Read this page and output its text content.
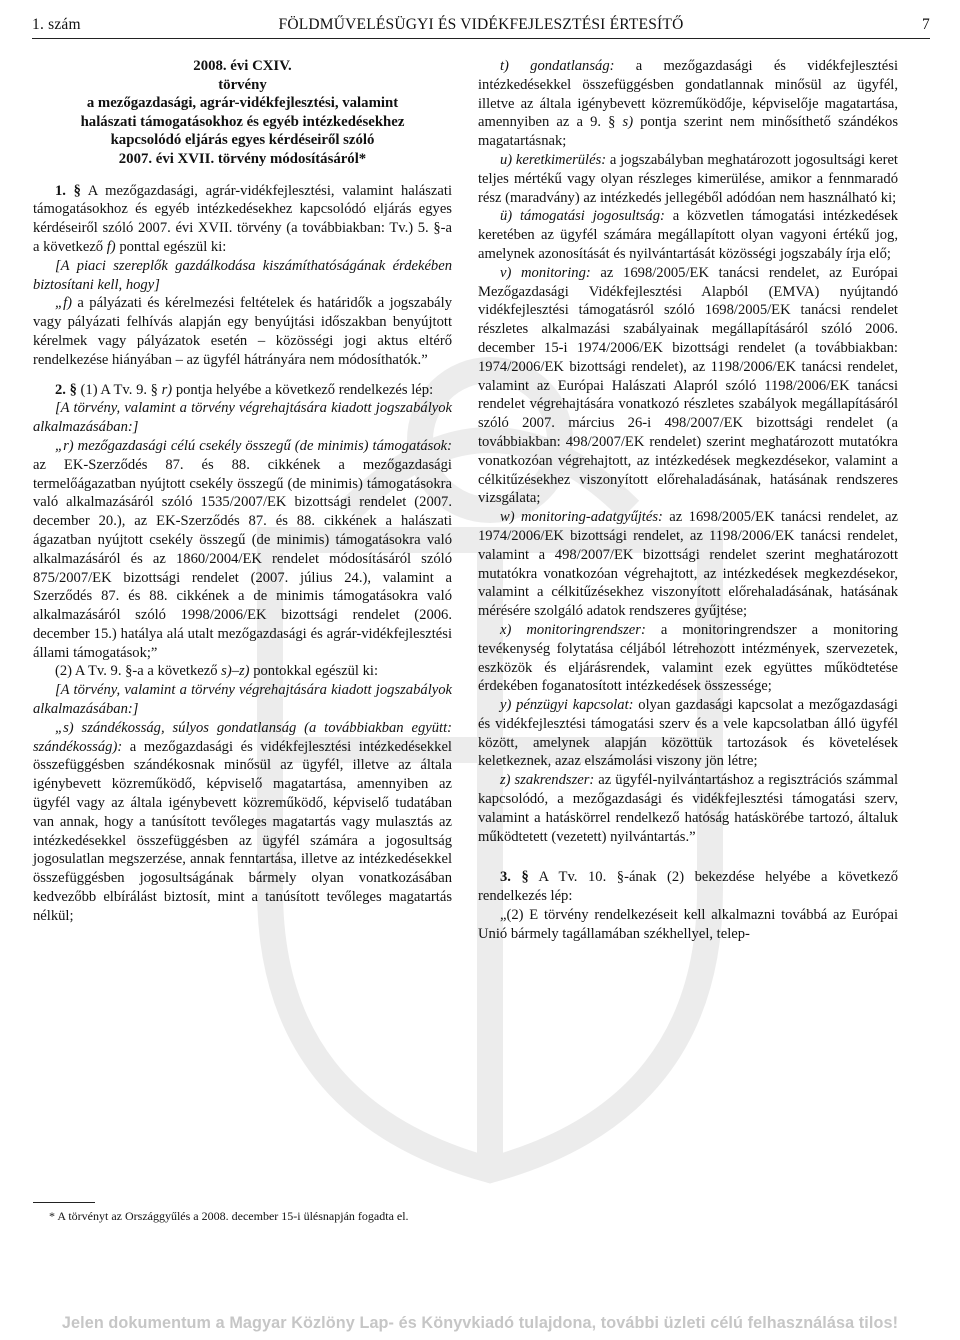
1. szám	FÖLDMŰVELÉSÜGYI ÉS VIDÉKFEJLESZTÉSI ÉRTESÍTŐ	7
2008. évi CXIV.
törvény
a mezőgazdasági, agrár-vidékfejlesztési, valamint
halászati támogatásokhoz és egyéb intézkedésekhez
kapcsolódó eljárás egyes kérdéseiről szóló
2007. évi XVII. törvény módosításáról*

1. § A mezőgazdasági, agrár-vidékfejlesztési, valamint halászati támogatásokhoz és egyéb intézkedésekhez kapcsolódó eljárás egyes kérdéseiről szóló 2007. évi XVII. törvény (a továbbiakban: Tv.) 5. §-a a következő f) ponttal egészül ki:

[A piaci szereplők gazdálkodása kiszámíthatóságának érdekében biztosítani kell, hogy]

„f) a pályázati és kérelmezési feltételek és határidők a jogszabály vagy pályázati felhívás alapján egy benyújtási időszakban benyújtott kérelmek vagy pályázatok esetén – közösségi jogi aktus eltérő rendelkezése hiányában – az ügyfél hátrányára nem módosíthatók.”

2. § (1) A Tv. 9. § r) pontja helyébe a következő rendelkezés lép:

[A törvény, valamint a törvény végrehajtására kiadott jogszabályok alkalmazásában:]

„r) mezőgazdasági célú csekély összegű (de minimis) támogatások: az EK-Szerződés 87. és 88. cikkének a mezőgazdasági termelőágazatban nyújtott csekély összegű (de minimis) támogatásokra való alkalmazásáról szóló 1535/2007/EK bizottsági rendelet (2007. december 20.), az EK-Szerződés 87. és 88. cikkének a halászati ágazatban nyújtott csekély összegű (de minimis) támogatásokra való alkalmazásáról és az 1860/2004/EK rendelet módosításáról szóló 875/2007/EK bizottsági rendelet (2007. július 24.), valamint a Szerződés 87. és 88. cikkének a de minimis támogatásokra való alkalmazásáról szóló 1998/2006/EK bizottsági rendelet (2006. december 15.) hatálya alá utalt mezőgazdasági és agrár-vidékfejlesztési állami támogatások;”

(2) A Tv. 9. §-a a következő s)–z) pontokkal egészül ki:

[A törvény, valamint a törvény végrehajtására kiadott jogszabályok alkalmazásában:]

„s) szándékosság, súlyos gondatlanság (a továbbiakban együtt: szándékosság): a mezőgazdasági és vidékfejlesztési intézkedésekkel összefüggésben szándékosnak minősül az ügyfél, illetve az általa igénybevett közreműködő, képviselő magatartása, amennyiben az ügyfél vagy az általa igénybevett közreműködő, képviselő tudatában van annak, hogy a tanúsított tevőleges magatartás vagy mulasztás az intézkedésekkel összefüggésben az ügyfél számára a jogosultság jogosulatlan megszerzése, annak fenntartása, illetve az intézkedésekkel összefüggésben jogosultságának bármely olyan vonatkozásában kedvezőbb elbírálást biztosít, mint a tanúsított tevőleges magatartás nélkül;

* A törvényt az Országgyűlés a 2008. december 15-i ülésnapján fogadta el.

t) gondatlanság: a mezőgazdasági és vidékfejlesztési intézkedésekkel összefüggésben gondatlannak minősül az ügyfél, illetve az általa igénybevett közreműködője, képviselője magatartása, amennyiben az a 9. § s) pontja szerint nem minősíthető szándékos magatartásnak;

u) keretkimerülés: a jogszabályban meghatározott jogosultsági keret teljes mértékű vagy olyan részleges kimerülése, amikor a fennmaradó rész (maradvány) az intézkedés jellegéből adódóan nem használható ki;

ü) támogatási jogosultság: a közvetlen támogatási intézkedések keretében az ügyfél számára megállapított olyan vagyoni értékű jog, amelynek azonosítását és nyilvántartását közösségi jogszabály írja elő;

v) monitoring: az 1698/2005/EK tanácsi rendelet, az Európai Mezőgazdasági Vidékfejlesztési Alapból (EMVA) nyújtandó vidékfejlesztési támogatásról szóló 1698/2005/EK tanácsi rendelet részletes alkalmazási szabályainak megállapításáról szóló 2006. december 15-i 1974/2006/EK bizottsági rendelet (a továbbiakban: 1974/2006/EK bizottsági rendelet), az 1198/2006/EK tanácsi rendelet, valamint az Európai Halászati Alapról szóló 1198/2006/EK tanácsi rendelet végrehajtására vonatkozó részletes szabályok megállapításáról szóló 2007. március 26-i 498/2007/EK bizottsági rendelet (a továbbiakban: 498/2007/EK rendelet) szerint meghatározott mutatókra vonatkozóan végrehajtott, az intézkedések megkezdésekor, valamint a célkitűzésekhez viszonyított előrehaladásának, hatásának rendszeres vizsgálata;

w) monitoring-adatgyűjtés: az 1698/2005/EK tanácsi rendelet, az 1974/2006/EK bizottsági rendelet, az 1198/2006/EK tanácsi rendelet, valamint a 498/2007/EK bizottsági rendelet szerint meghatározott mutatókra vonatkozóan végrehajtott, az intézkedések megkezdésekor, valamint a célkitűzésekhez viszonyított előrehaladásának, hatásának mérésére szolgáló adatok rendszeres gyűjtése;

x) monitoringrendszer: a monitoringrendszer a monitoring tevékenység folytatása céljából létrehozott intézmények, szervezetek, eszközök és eljárásrendek, valamint ezek együttes működtetése érdekében foganatosított intézkedések összessége;

y) pénzügyi kapcsolat: olyan gazdasági kapcsolat a mezőgazdasági és vidékfejlesztési támogatási szerv és a vele kapcsolatban álló ügyfél között, amelynek alapján közöttük tartozások és követelések keletkeznek, azaz elszámolási viszony jön létre;

z) szakrendszer: az ügyfél-nyilvántartáshoz a regisztrációs számmal kapcsolódó, a mezőgazdasági és vidékfejlesztési támogatási szerv, valamint a hatáskörrel rendelkező hatóság hatáskörébe tartozó, általuk működtetett (vezetett) nyilvántartás.”

3. § A Tv. 10. §-ának (2) bekezdése helyébe a következő rendelkezés lép:

„(2) E törvény rendelkezéseit kell alkalmazni továbbá az Európai Unió bármely tagállamában székhellyel, telep-

Jelen dokumentum a Magyar Közlöny Lap- és Könyvkiadó tulajdona, további üzleti célú felhasználása tilos!
